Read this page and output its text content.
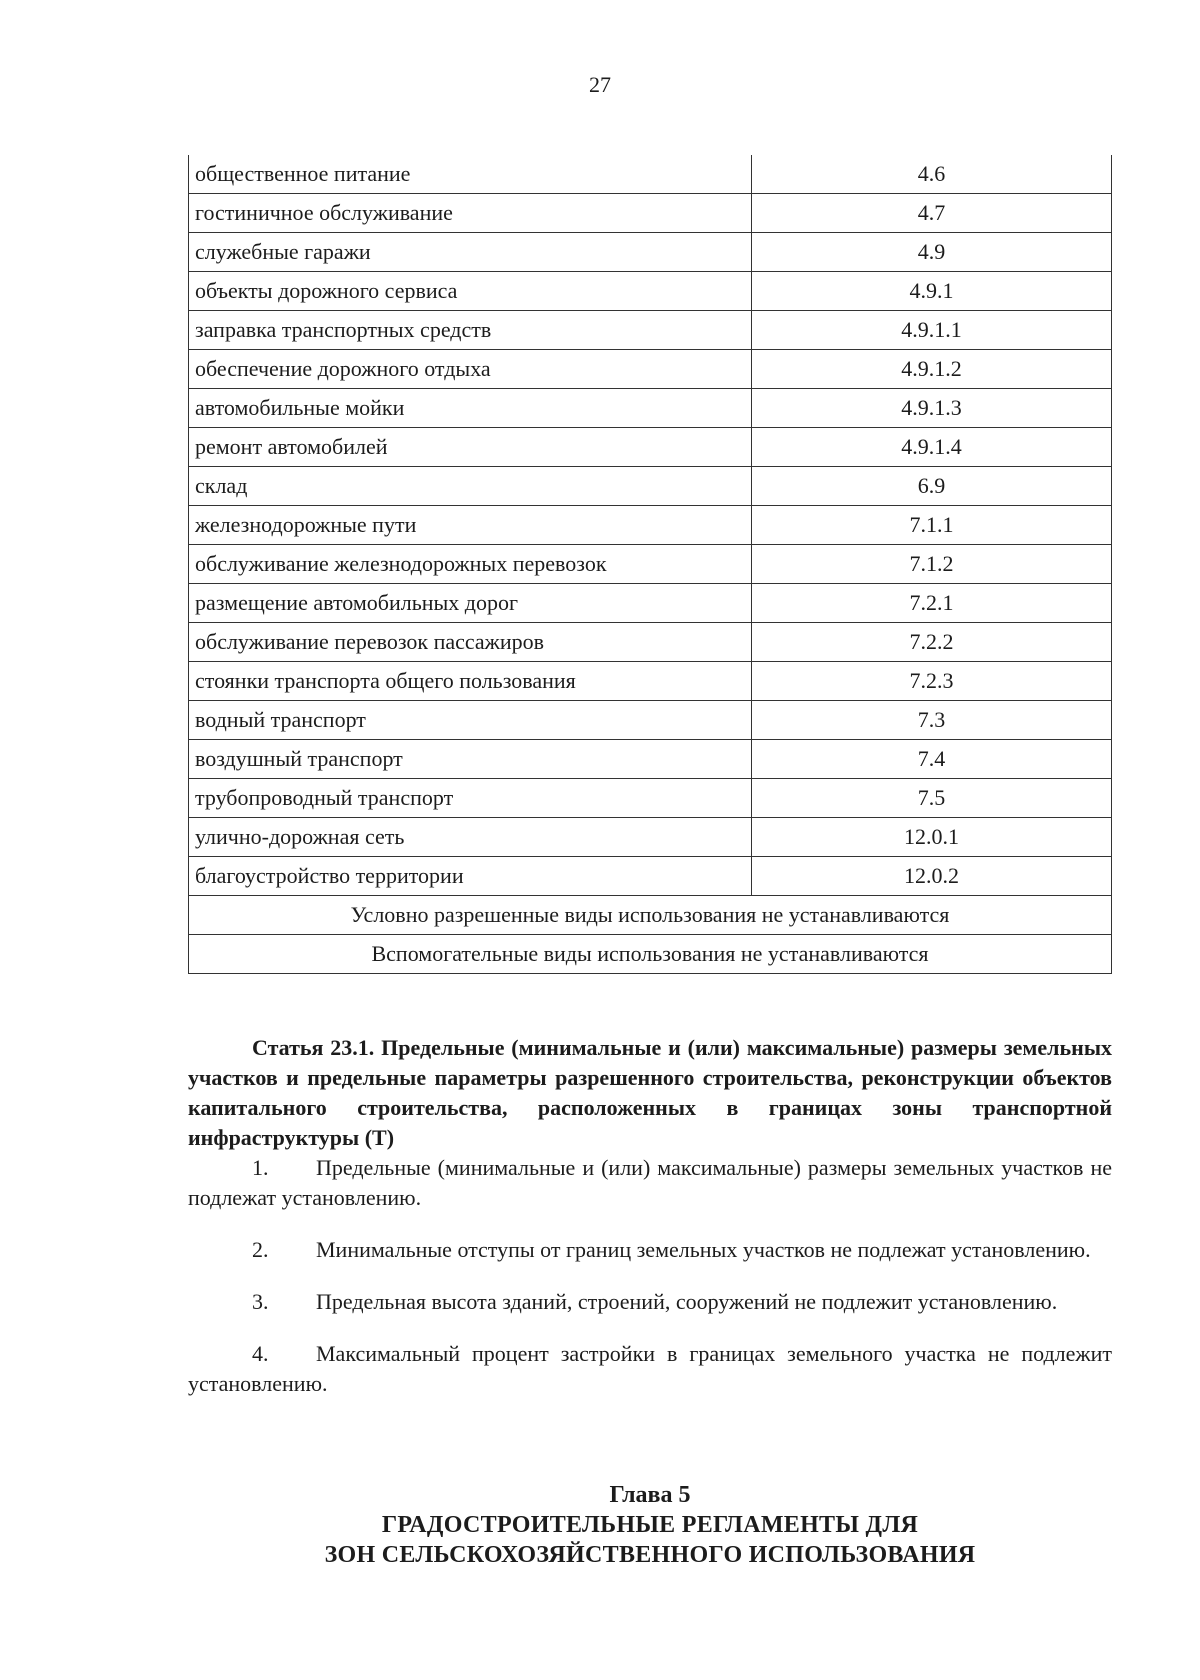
27
общественное питание	4.6
гостиничное обслуживание	4.7
служебные гаражи	4.9
объекты дорожного сервиса	4.9.1
заправка транспортных средств	4.9.1.1
обеспечение дорожного отдыха	4.9.1.2
автомобильные мойки	4.9.1.3
ремонт автомобилей	4.9.1.4
склад	6.9
железнодорожные пути	7.1.1
обслуживание железнодорожных перевозок	7.1.2
размещение автомобильных дорог	7.2.1
обслуживание перевозок пассажиров	7.2.2
стоянки транспорта общего пользования	7.2.3
водный транспорт	7.3
воздушный транспорт	7.4
трубопроводный транспорт	7.5
улично-дорожная сеть	12.0.1
благоустройство территории	12.0.2
Условно разрешенные виды использования не устанавливаются	
Вспомогательные виды использования не устанавливаются	
Статья 23.1. Предельные (минимальные и (или) максимальные) размеры земельных участков и предельные параметры разрешенного строительства, реконструкции объектов капитального строительства, расположенных в границах зоны транспортной инфраструктуры (Т)

1. Предельные (минимальные и (или) максимальные) размеры земельных участков не подлежат установлению.

2. Минимальные отступы от границ земельных участков не подлежат установлению.

3. Предельная высота зданий, строений, сооружений не подлежит установлению.

4. Максимальный процент застройки в границах земельного участка не подлежит установлению.

Глава 5
ГРАДОСТРОИТЕЛЬНЫЕ РЕГЛАМЕНТЫ ДЛЯ
ЗОН СЕЛЬСКОХОЗЯЙСТВЕННОГО ИСПОЛЬЗОВАНИЯ
